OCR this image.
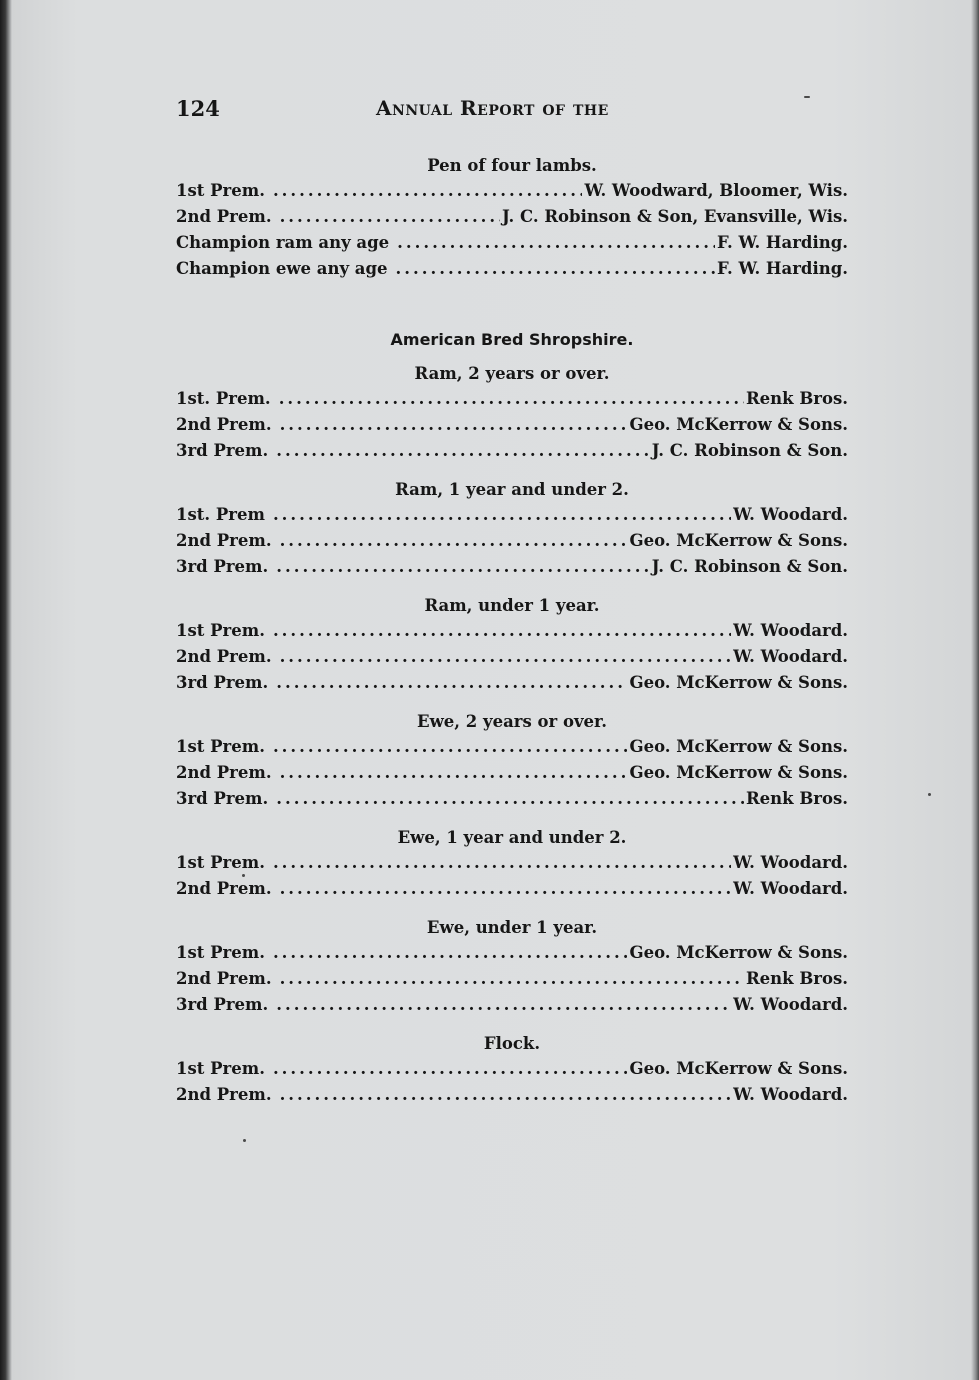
124	Annual Report of the
Pen of four lambs.
1st Prem. .....	W. Woodward, Bloomer, Wis.
2nd Prem. .....	J. C. Robinson & Son, Evansville, Wis.
Champion ram any age .....	F. W. Harding.
Champion ewe any age .....	F. W. Harding.
American Bred Shropshire.
Ram, 2 years or over.
1st. Prem. .....	Renk Bros.
2nd Prem. .....	Geo. McKerrow & Sons.
3rd Prem. .....	J. C. Robinson & Son.
Ram, 1 year and under 2.
1st. Prem .....	W. Woodard.
2nd Prem. .....	Geo. McKerrow & Sons.
3rd Prem. .....	J. C. Robinson & Son.
Ram, under 1 year.
1st Prem. .....	W. Woodard.
2nd Prem. .....	W. Woodard.
3rd Prem. .....	Geo. McKerrow & Sons.
Ewe, 2 years or over.
1st Prem. .....	Geo. McKerrow & Sons.
2nd Prem. .....	Geo. McKerrow & Sons.
3rd Prem. .....	Renk Bros.
Ewe, 1 year and under 2.
1st Prem. .....	W. Woodard.
2nd Prem. .....	W. Woodard.
Ewe, under 1 year.
1st Prem. .....	Geo. McKerrow & Sons.
2nd Prem. .....	Renk Bros.
3rd Prem. .....	W. Woodard.
Flock.
1st Prem. .....	Geo. McKerrow & Sons.
2nd Prem. .....	W. Woodard.
